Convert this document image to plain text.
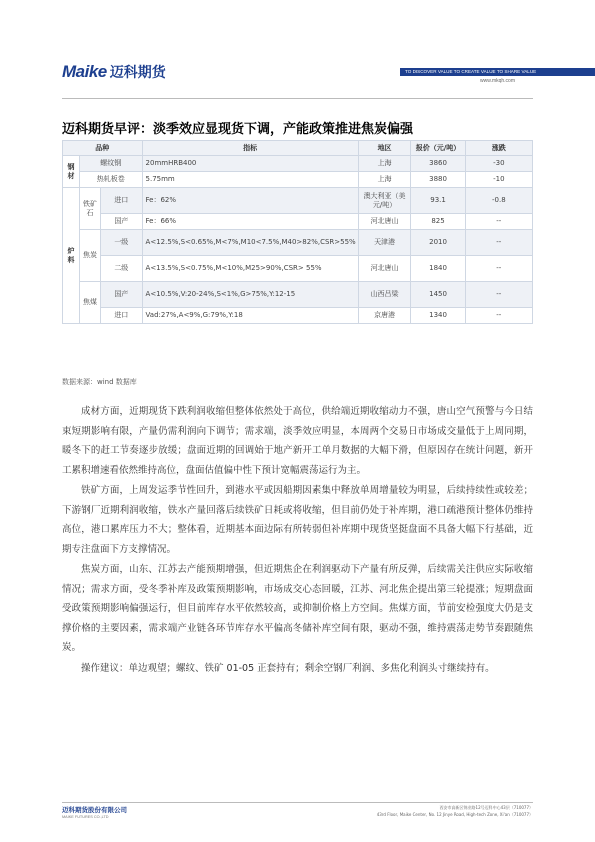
Maike 迈科期货	TO DISCOVER VALUE TO CREATE VALUE TO SHARE VALUE
www.mkqh.com
迈科期货早评：淡季效应显现货下调，产能政策推进焦炭偏强
品种			指标	地区	报价（元/吨）	涨跌
钢材	螺纹钢		20mmHRB400	上海	3860	-30
	热轧板卷		5.75mm	上海	3880	-10
炉料	铁矿石	进口	Fe：62%	澳大利亚（美元/吨）	93.1	-0.8
		国产	Fe：66%	河北唐山	825	--
	焦炭	一级	A<12.5%,S<0.65%,M<7%,M10<7.5%,M40>82%,CSR>55%	天津港	2010	--
		二级	A<13.5%,S<0.75%,M<10%,M25>90%,CSR> 55%	河北唐山	1840	--
	焦煤	国产	A<10.5%,V:20-24%,S<1%,G>75%,Y:12-15	山西吕梁	1450	--
		进口	Vad:27%,A<9%,G:79%,Y:18	京唐港	1340	--
数据来源：wind 数据库

成材方面，近期现货下跌利润收缩但整体依然处于高位，供给端近期收缩动力不强，唐山空气预警与今日结束短期影响有限，产量仍需利润向下调节；需求端，淡季效应明显，本周两个交易日市场成交量低于上周同期，暖冬下的赶工节奏逐步放缓；盘面近期的回调始于地产新开工单月数据的大幅下滑，但原因存在统计问题，新开工累积增速看依然维持高位，盘面估值偏中性下预计宽幅震荡运行为主。

铁矿方面，上周发运季节性回升，到港水平或因船期因素集中释放单周增量较为明显，后续持续性或较差；下游钢厂近期利润收缩，铁水产量回落后续铁矿日耗或将收缩，但目前仍处于补库期，港口疏港预计整体仍维持高位，港口累库压力不大；整体看，近期基本面边际有所转弱但补库期中现货坚挺盘面不具备大幅下行基础，近期专注盘面下方支撑情况。

焦炭方面，山东、江苏去产能预期增强，但近期焦企在利润驱动下产量有所反弹，后续需关注供应实际收缩情况；需求方面，受冬季补库及政策预期影响，市场成交心态回暖，江苏、河北焦企提出第三轮提涨；短期盘面受政策预期影响偏强运行，但目前库存水平依然较高，或抑制价格上方空间。焦煤方面，节前安检强度大仍是支撑价格的主要因素，需求端产业链各环节库存水平偏高冬储补库空间有限，驱动不强，维持震荡走势节奏跟随焦炭。

操作建议：单边观望；螺纹、铁矿 01-05 正套持有；剩余空钢厂利润、多焦化利润头寸继续持有。

迈科期货股份有限公司
MAIKE FUTURES CO.,LTD
西安市高新区锦业路12号迈科中心43层（710077）
43rd Floor, Maike Center, No. 12 Jinye Road, High-tech Zone, Xi'an（710077）
